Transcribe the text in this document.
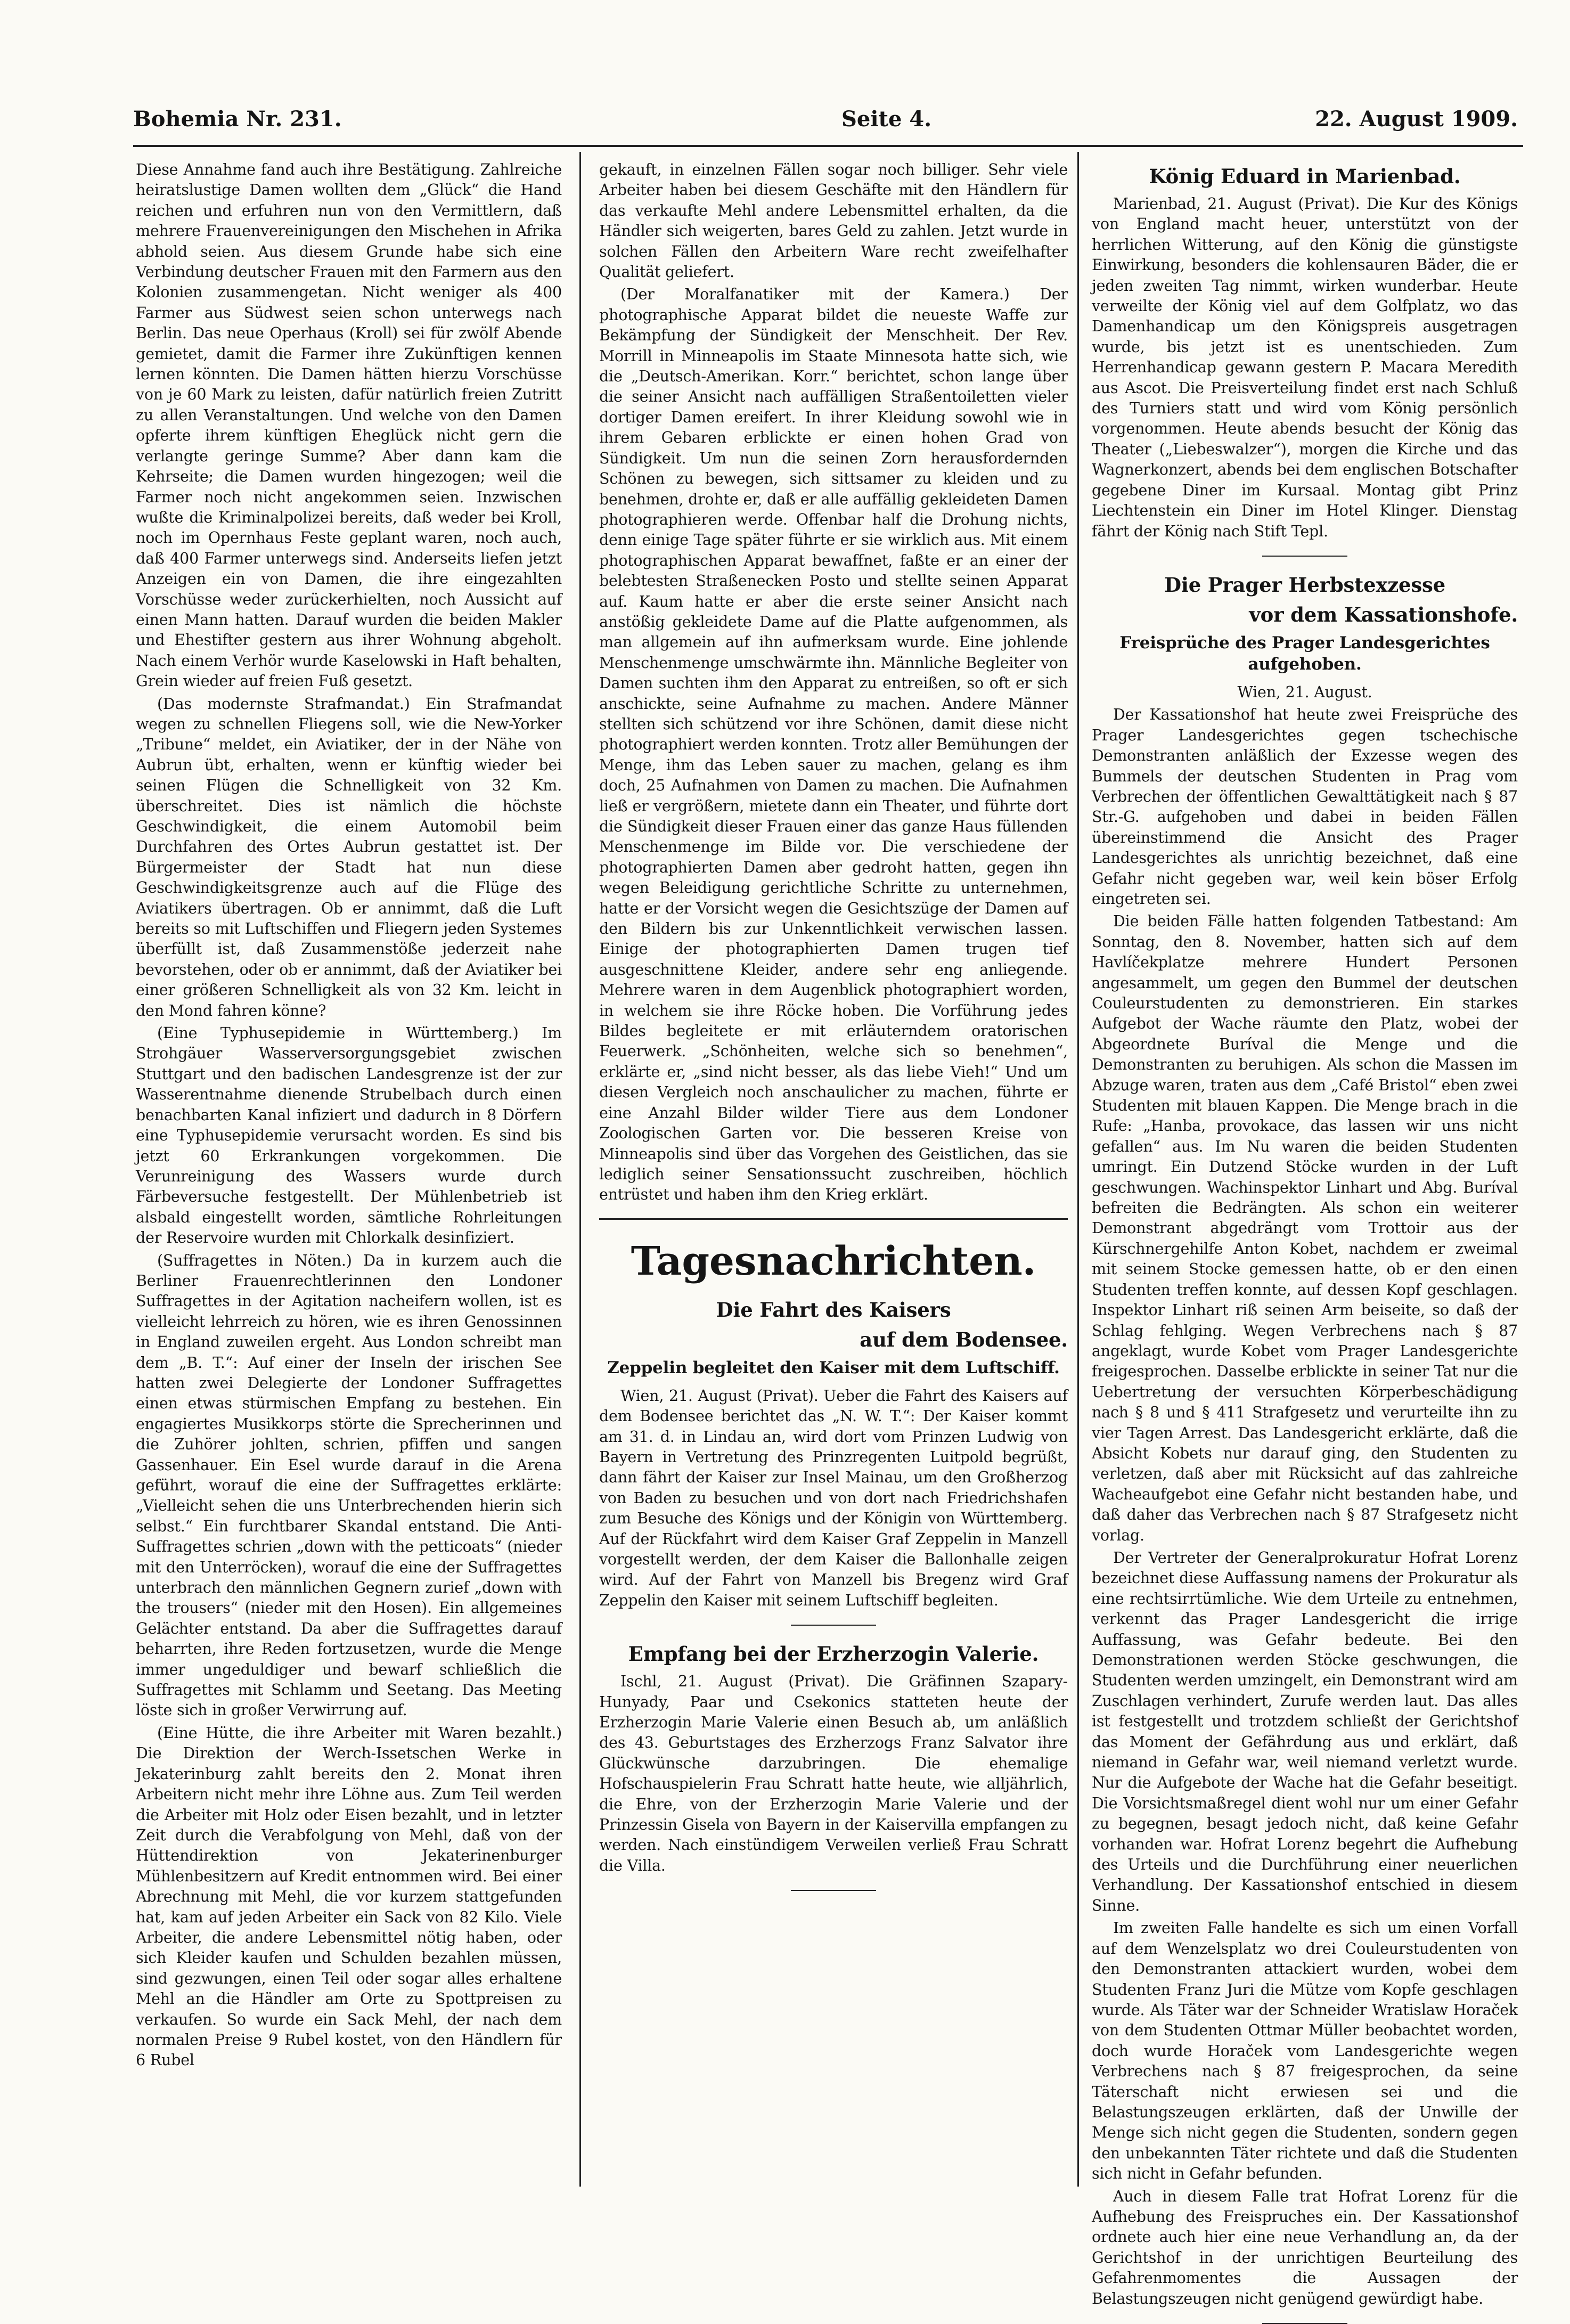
Bohemia Nr. 231.	Seite 4.	22. August 1909.

Diese Annahme fand auch ihre Bestätigung. Zahlreiche heiratslustige Damen wollten dem „Glück“ die Hand reichen und erfuhren nun von den Vermittlern, daß mehrere Frauenvereinigungen den Mischehen in Afrika abhold seien. Aus diesem Grunde habe sich eine Verbindung deutscher Frauen mit den Farmern aus den Kolonien zusammengetan. Nicht weniger als 400 Farmer aus Südwest seien schon unterwegs nach Berlin. Das neue Operhaus (Kroll) sei für zwölf Abende gemietet, damit die Farmer ihre Zukünftigen kennen lernen könnten. Die Damen hätten hierzu Vorschüsse von je 60 Mark zu leisten, dafür natürlich freien Zutritt zu allen Veranstaltungen. Und welche von den Damen opferte ihrem künftigen Eheglück nicht gern die verlangte geringe Summe? Aber dann kam die Kehrseite; die Damen wurden hingezogen; weil die Farmer noch nicht angekommen seien. Inzwischen wußte die Kriminalpolizei bereits, daß weder bei Kroll, noch im Opernhaus Feste geplant waren, noch auch, daß 400 Farmer unterwegs sind. Anderseits liefen jetzt Anzeigen ein von Damen, die ihre eingezahlten Vorschüsse weder zurückerhielten, noch Aussicht auf einen Mann hatten. Darauf wurden die beiden Makler und Ehestifter gestern aus ihrer Wohnung abgeholt. Nach einem Verhör wurde Kaselowski in Haft behalten, Grein wieder auf freien Fuß gesetzt.

(Das modernste Strafmandat.) Ein Strafmandat wegen zu schnellen Fliegens soll, wie die New-Yorker „Tribune“ meldet, ein Aviatiker, der in der Nähe von Aubrun übt, erhalten, wenn er künftig wieder bei seinen Flügen die Schnelligkeit von 32 Km. überschreitet. Dies ist nämlich die höchste Geschwindigkeit, die einem Automobil beim Durchfahren des Ortes Aubrun gestattet ist. Der Bürgermeister der Stadt hat nun diese Geschwindigkeitsgrenze auch auf die Flüge des Aviatikers übertragen. Ob er annimmt, daß die Luft bereits so mit Luftschiffen und Fliegern jeden Systemes überfüllt ist, daß Zusammenstöße jederzeit nahe bevorstehen, oder ob er annimmt, daß der Aviatiker bei einer größeren Schnelligkeit als von 32 Km. leicht in den Mond fahren könne?

(Eine Typhusepidemie in Württemberg.) Im Strohgäuer Wasserversorgungsgebiet zwischen Stuttgart und den badischen Landesgrenze ist der zur Wasserentnahme dienende Strubelbach durch einen benachbarten Kanal infiziert und dadurch in 8 Dörfern eine Typhusepidemie verursacht worden. Es sind bis jetzt 60 Erkrankungen vorgekommen. Die Verunreinigung des Wassers wurde durch Färbeversuche festgestellt. Der Mühlenbetrieb ist alsbald eingestellt worden, sämtliche Rohrleitungen der Reservoire wurden mit Chlorkalk desinfiziert.

(Suffragettes in Nöten.) Da in kurzem auch die Berliner Frauenrechtlerinnen den Londoner Suffragettes in der Agitation nacheifern wollen, ist es vielleicht lehrreich zu hören, wie es ihren Genossinnen in England zuweilen ergeht. Aus London schreibt man dem „B. T.“: Auf einer der Inseln der irischen See hatten zwei Delegierte der Londoner Suffragettes einen etwas stürmischen Empfang zu bestehen. Ein engagiertes Musikkorps störte die Sprecherinnen und die Zuhörer johlten, schrien, pfiffen und sangen Gassenhauer. Ein Esel wurde darauf in die Arena geführt, worauf die eine der Suffragettes erklärte: „Vielleicht sehen die uns Unterbrechenden hierin sich selbst.“ Ein furchtbarer Skandal entstand. Die Anti-Suffragettes schrien „down with the petticoats“ (nieder mit den Unterröcken), worauf die eine der Suffragettes unterbrach den männlichen Gegnern zurief „down with the trousers“ (nieder mit den Hosen). Ein allgemeines Gelächter entstand. Da aber die Suffragettes darauf beharrten, ihre Reden fortzusetzen, wurde die Menge immer ungeduldiger und bewarf schließlich die Suffragettes mit Schlamm und Seetang. Das Meeting löste sich in großer Verwirrung auf.

(Eine Hütte, die ihre Arbeiter mit Waren bezahlt.) Die Direktion der Werch-Issetschen Werke in Jekaterinburg zahlt bereits den 2. Monat ihren Arbeitern nicht mehr ihre Löhne aus. Zum Teil werden die Arbeiter mit Holz oder Eisen bezahlt, und in letzter Zeit durch die Verabfolgung von Mehl, daß von der Hüttendirektion von Jekaterinenburger Mühlenbesitzern auf Kredit entnommen wird. Bei einer Abrechnung mit Mehl, die vor kurzem stattgefunden hat, kam auf jeden Arbeiter ein Sack von 82 Kilo. Viele Arbeiter, die andere Lebensmittel nötig haben, oder sich Kleider kaufen und Schulden bezahlen müssen, sind gezwungen, einen Teil oder sogar alles erhaltene Mehl an die Händler am Orte zu Spottpreisen zu verkaufen. So wurde ein Sack Mehl, der nach dem normalen Preise 9 Rubel kostet, von den Händlern für 6 Rubel

gekauft, in einzelnen Fällen sogar noch billiger. Sehr viele Arbeiter haben bei diesem Geschäfte mit den Händlern für das verkaufte Mehl andere Lebensmittel erhalten, da die Händler sich weigerten, bares Geld zu zahlen. Jetzt wurde in solchen Fällen den Arbeitern Ware recht zweifelhafter Qualität geliefert.

(Der Moralfanatiker mit der Kamera.) Der photographische Apparat bildet die neueste Waffe zur Bekämpfung der Sündigkeit der Menschheit. Der Rev. Morrill in Minneapolis im Staate Minnesota hatte sich, wie die „Deutsch-Amerikan. Korr.“ berichtet, schon lange über die seiner Ansicht nach auffälligen Straßentoiletten vieler dortiger Damen ereifert. In ihrer Kleidung sowohl wie in ihrem Gebaren erblickte er einen hohen Grad von Sündigkeit. Um nun die seinen Zorn herausfordernden Schönen zu bewegen, sich sittsamer zu kleiden und zu benehmen, drohte er, daß er alle auffällig gekleideten Damen photographieren werde. Offenbar half die Drohung nichts, denn einige Tage später führte er sie wirklich aus. Mit einem photographischen Apparat bewaffnet, faßte er an einer der belebtesten Straßenecken Posto und stellte seinen Apparat auf. Kaum hatte er aber die erste seiner Ansicht nach anstößig gekleidete Dame auf die Platte aufgenommen, als man allgemein auf ihn aufmerksam wurde. Eine johlende Menschenmenge umschwärmte ihn. Männliche Begleiter von Damen suchten ihm den Apparat zu entreißen, so oft er sich anschickte, seine Aufnahme zu machen. Andere Männer stellten sich schützend vor ihre Schönen, damit diese nicht photographiert werden konnten. Trotz aller Bemühungen der Menge, ihm das Leben sauer zu machen, gelang es ihm doch, 25 Aufnahmen von Damen zu machen. Die Aufnahmen ließ er vergrößern, mietete dann ein Theater, und führte dort die Sündigkeit dieser Frauen einer das ganze Haus füllenden Menschenmenge im Bilde vor. Die verschiedene der photographierten Damen aber gedroht hatten, gegen ihn wegen Beleidigung gerichtliche Schritte zu unternehmen, hatte er der Vorsicht wegen die Gesichtszüge der Damen auf den Bildern bis zur Unkenntlichkeit verwischen lassen. Einige der photographierten Damen trugen tief ausgeschnittene Kleider, andere sehr eng anliegende. Mehrere waren in dem Augenblick photographiert worden, in welchem sie ihre Röcke hoben. Die Vorführung jedes Bildes begleitete er mit erläuterndem oratorischen Feuerwerk. „Schönheiten, welche sich so benehmen“, erklärte er, „sind nicht besser, als das liebe Vieh!“ Und um diesen Vergleich noch anschaulicher zu machen, führte er eine Anzahl Bilder wilder Tiere aus dem Londoner Zoologischen Garten vor. Die besseren Kreise von Minneapolis sind über das Vorgehen des Geistlichen, das sie lediglich seiner Sensationssucht zuschreiben, höchlich entrüstet und haben ihm den Krieg erklärt.

Tagesnachrichten.
Die Fahrt des Kaisers
auf dem Bodensee.
Zeppelin begleitet den Kaiser mit dem Luftschiff.

Wien, 21. August (Privat). Ueber die Fahrt des Kaisers auf dem Bodensee berichtet das „N. W. T.“: Der Kaiser kommt am 31. d. in Lindau an, wird dort vom Prinzen Ludwig von Bayern in Vertretung des Prinzregenten Luitpold begrüßt, dann fährt der Kaiser zur Insel Mainau, um den Großherzog von Baden zu besuchen und von dort nach Friedrichshafen zum Besuche des Königs und der Königin von Württemberg. Auf der Rückfahrt wird dem Kaiser Graf Zeppelin in Manzell vorgestellt werden, der dem Kaiser die Ballonhalle zeigen wird. Auf der Fahrt von Manzell bis Bregenz wird Graf Zeppelin den Kaiser mit seinem Luftschiff begleiten.

Empfang bei der Erzherzogin Valerie.

Ischl, 21. August (Privat). Die Gräfinnen Szapary-Hunyady, Paar und Csekonics statteten heute der Erzherzogin Marie Valerie einen Besuch ab, um anläßlich des 43. Geburtstages des Erzherzogs Franz Salvator ihre Glückwünsche darzubringen. Die ehemalige Hofschauspielerin Frau Schratt hatte heute, wie alljährlich, die Ehre, von der Erzherzogin Marie Valerie und der Prinzessin Gisela von Bayern in der Kaiservilla empfangen zu werden. Nach einstündigem Verweilen verließ Frau Schratt die Villa.

König Eduard in Marienbad.

Marienbad, 21. August (Privat). Die Kur des Königs von England macht heuer, unterstützt von der herrlichen Witterung, auf den König die günstigste Einwirkung, besonders die kohlensauren Bäder, die er jeden zweiten Tag nimmt, wirken wunderbar. Heute verweilte der König viel auf dem Golfplatz, wo das Damenhandicap um den Königspreis ausgetragen wurde, bis jetzt ist es unentschieden. Zum Herrenhandicap gewann gestern P. Macara Meredith aus Ascot. Die Preisverteilung findet erst nach Schluß des Turniers statt und wird vom König persönlich vorgenommen. Heute abends besucht der König das Theater („Liebeswalzer“), morgen die Kirche und das Wagnerkonzert, abends bei dem englischen Botschafter gegebene Diner im Kursaal. Montag gibt Prinz Liechtenstein ein Diner im Hotel Klinger. Dienstag fährt der König nach Stift Tepl.

Die Prager Herbstexzesse
vor dem Kassationshofe.
Freisprüche des Prager Landesgerichtes aufgehoben.

Wien, 21. August.

Der Kassationshof hat heute zwei Freisprüche des Prager Landesgerichtes gegen tschechische Demonstranten anläßlich der Exzesse wegen des Bummels der deutschen Studenten in Prag vom Verbrechen der öffentlichen Gewalttätigkeit nach § 87 Str.-G. aufgehoben und dabei in beiden Fällen übereinstimmend die Ansicht des Prager Landesgerichtes als unrichtig bezeichnet, daß eine Gefahr nicht gegeben war, weil kein böser Erfolg eingetreten sei.

Die beiden Fälle hatten folgenden Tatbestand: Am Sonntag, den 8. November, hatten sich auf dem Havlíčekplatze mehrere Hundert Personen angesammelt, um gegen den Bummel der deutschen Couleurstudenten zu demonstrieren. Ein starkes Aufgebot der Wache räumte den Platz, wobei der Abgeordnete Buríval die Menge und die Demonstranten zu beruhigen. Als schon die Massen im Abzuge waren, traten aus dem „Café Bristol“ eben zwei Studenten mit blauen Kappen. Die Menge brach in die Rufe: „Hanba, provokace, das lassen wir uns nicht gefallen“ aus. Im Nu waren die beiden Studenten umringt. Ein Dutzend Stöcke wurden in der Luft geschwungen. Wachinspektor Linhart und Abg. Buríval befreiten die Bedrängten. Als schon ein weiterer Demonstrant abgedrängt vom Trottoir aus der Kürschnergehilfe Anton Kobet, nachdem er zweimal mit seinem Stocke gemessen hatte, ob er den einen Studenten treffen konnte, auf dessen Kopf geschlagen. Inspektor Linhart riß seinen Arm beiseite, so daß der Schlag fehlging. Wegen Verbrechens nach § 87 angeklagt, wurde Kobet vom Prager Landesgerichte freigesprochen. Dasselbe erblickte in seiner Tat nur die Uebertretung der versuchten Körperbeschädigung nach § 8 und § 411 Strafgesetz und verurteilte ihn zu vier Tagen Arrest. Das Landesgericht erklärte, daß die Absicht Kobets nur darauf ging, den Studenten zu verletzen, daß aber mit Rücksicht auf das zahlreiche Wacheaufgebot eine Gefahr nicht bestanden habe, und daß daher das Verbrechen nach § 87 Strafgesetz nicht vorlag.

Der Vertreter der Generalprokuratur Hofrat Lorenz bezeichnet diese Auffassung namens der Prokuratur als eine rechtsirrtümliche. Wie dem Urteile zu entnehmen, verkennt das Prager Landesgericht die irrige Auffassung, was Gefahr bedeute. Bei den Demonstrationen werden Stöcke geschwungen, die Studenten werden umzingelt, ein Demonstrant wird am Zuschlagen verhindert, Zurufe werden laut. Das alles ist festgestellt und trotzdem schließt der Gerichtshof das Moment der Gefährdung aus und erklärt, daß niemand in Gefahr war, weil niemand verletzt wurde. Nur die Aufgebote der Wache hat die Gefahr beseitigt. Die Vorsichtsmaßregel dient wohl nur um einer Gefahr zu begegnen, besagt jedoch nicht, daß keine Gefahr vorhanden war. Hofrat Lorenz begehrt die Aufhebung des Urteils und die Durchführung einer neuerlichen Verhandlung. Der Kassationshof entschied in diesem Sinne.

Im zweiten Falle handelte es sich um einen Vorfall auf dem Wenzelsplatz wo drei Couleurstudenten von den Demonstranten attackiert wurden, wobei dem Studenten Franz Juri die Mütze vom Kopfe geschlagen wurde. Als Täter war der Schneider Wratislaw Horaček von dem Studenten Ottmar Müller beobachtet worden, doch wurde Horaček vom Landesgerichte wegen Verbrechens nach § 87 freigesprochen, da seine Täterschaft nicht erwiesen sei und die Belastungszeugen erklärten, daß der Unwille der Menge sich nicht gegen die Studenten, sondern gegen den unbekannten Täter richtete und daß die Studenten sich nicht in Gefahr befunden.

Auch in diesem Falle trat Hofrat Lorenz für die Aufhebung des Freispruches ein. Der Kassationshof ordnete auch hier eine neue Verhandlung an, da der Gerichtshof in der unrichtigen Beurteilung des Gefahrenmomentes die Aussagen der Belastungszeugen nicht genügend gewürdigt habe.
